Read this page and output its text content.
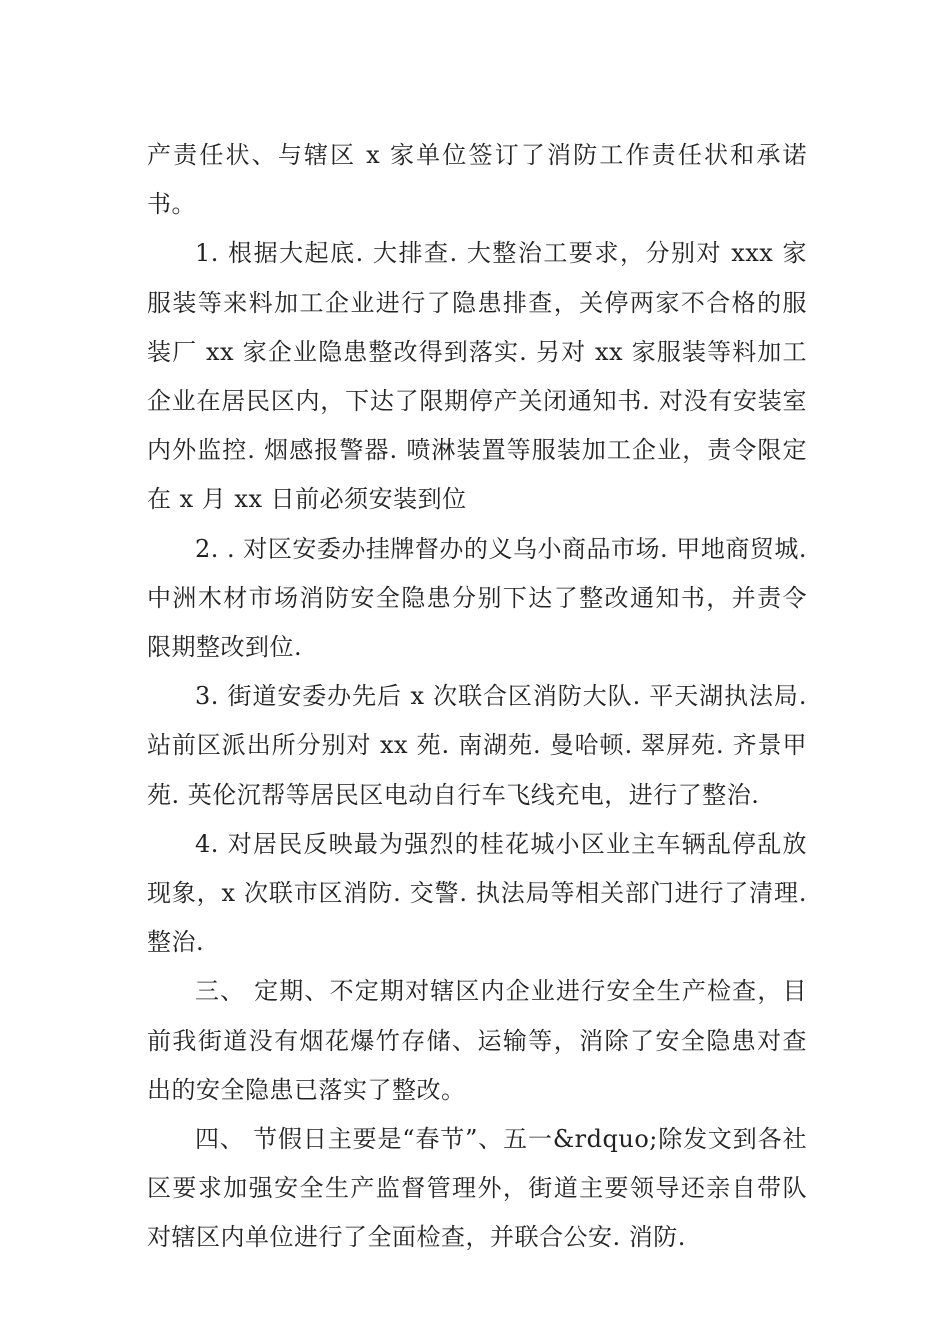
产责任状、与辖区 x 家单位签订了消防工作责任状和承诺书。

1. 根据大起底. 大排查. 大整治工要求，分别对 xxx 家服装等来料加工企业进行了隐患排查，关停两家不合格的服装厂 xx 家企业隐患整改得到落实. 另对 xx 家服装等料加工企业在居民区内，下达了限期停产关闭通知书. 对没有安装室内外监控. 烟感报警器. 喷淋装置等服装加工企业，责令限定在 x 月 xx 日前必须安装到位

2. . 对区安委办挂牌督办的义乌小商品市场. 甲地商贸城. 中洲木材市场消防安全隐患分别下达了整改通知书，并责令限期整改到位.

3. 街道安委办先后 x 次联合区消防大队. 平天湖执法局. 站前区派出所分别对 xx 苑. 南湖苑. 曼哈顿. 翠屏苑. 齐景甲苑. 英伦沉帮等居民区电动自行车飞线充电，进行了整治.

4. 对居民反映最为强烈的桂花城小区业主车辆乱停乱放现象，x 次联市区消防. 交警. 执法局等相关部门进行了清理. 整治.

三、 定期、不定期对辖区内企业进行安全生产检查，目前我街道没有烟花爆竹存储、运输等，消除了安全隐患对查出的安全隐患已落实了整改。

四、 节假日主要是“春节”、五一&rdquo;除发文到各社区要求加强安全生产监督管理外，街道主要领导还亲自带队对辖区内单位进行了全面检查，并联合公安. 消防.
